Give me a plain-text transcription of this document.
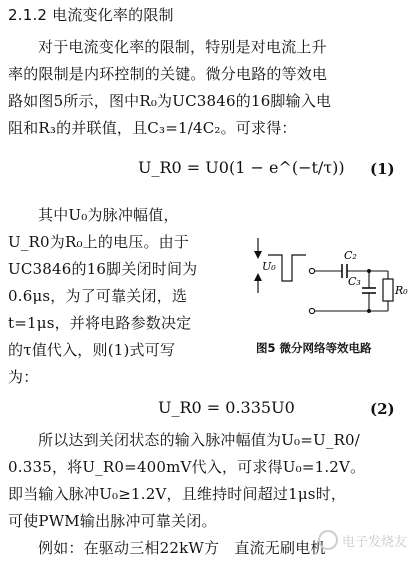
2.1.2 电流变化率的限制
对于电流变化率的限制，特别是对电流上升
率的限制是内环控制的关键。微分电路的等效电
路如图5所示，图中R₀为UC3846的16脚输入电
阻和R₃的并联值，且C₃=1/4C₂。可求得：
U_R0 = U0(1 − e^(−t/τ)) (1)
其中U₀为脉冲幅值，
U_R0为R₀上的电压。由于
UC3846的16脚关闭时间为
0.6μs，为了可靠关闭，选
t=1μs，并将电路参数决定
的τ值代入，则(1)式可写
为：
U₀
C₂
C₃
R₀
图5 微分网络等效电路
U_R0 = 0.335U0	(2)
所以达到关闭状态的输入脉冲幅值为U₀=U_R0/
0.335，将U_R0=400mV代入，可求得U₀=1.2V。
即当输入脉冲U₀≥1.2V，且维持时间超过1μs时，
可使PWM输出脉冲可靠关闭。
例如：在驱动三相22kW方　直流无刷电机	电子发烧友
